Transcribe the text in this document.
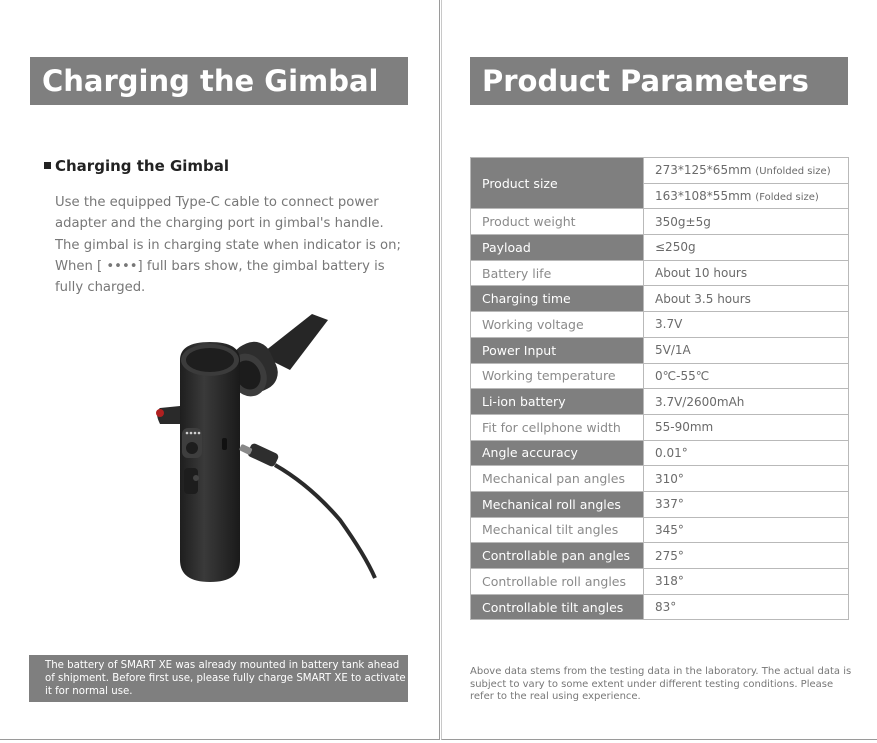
Charging the Gimbal
Charging the Gimbal
Use the equipped Type-C cable to connect power adapter and the charging port in gimbal's handle. The gimbal is in charging state when indicator is on; When [ ••••] full bars show, the gimbal battery is fully charged.
The battery of SMART XE was already mounted in battery tank ahead of shipment. Before first use, please fully charge SMART XE to activate it for normal use.
Product Parameters
Product size	273*125*65mm (Unfolded size)
	163*108*55mm (Folded size)
Product weight	350g±5g
Payload	≤250g
Battery life	About 10 hours
Charging time	About 3.5 hours
Working voltage	3.7V
Power Input	5V/1A
Working temperature	0℃-55℃
Li-ion battery	3.7V/2600mAh
Fit for cellphone width	55-90mm
Angle accuracy	0.01°
Mechanical pan angles	310°
Mechanical roll angles	337°
Mechanical tilt angles	345°
Controllable pan angles	275°
Controllable roll angles	318°
Controllable tilt angles	83°
Above data stems from the testing data in the laboratory. The actual data is subject to vary to some extent under different testing conditions. Please refer to the real using experience.
